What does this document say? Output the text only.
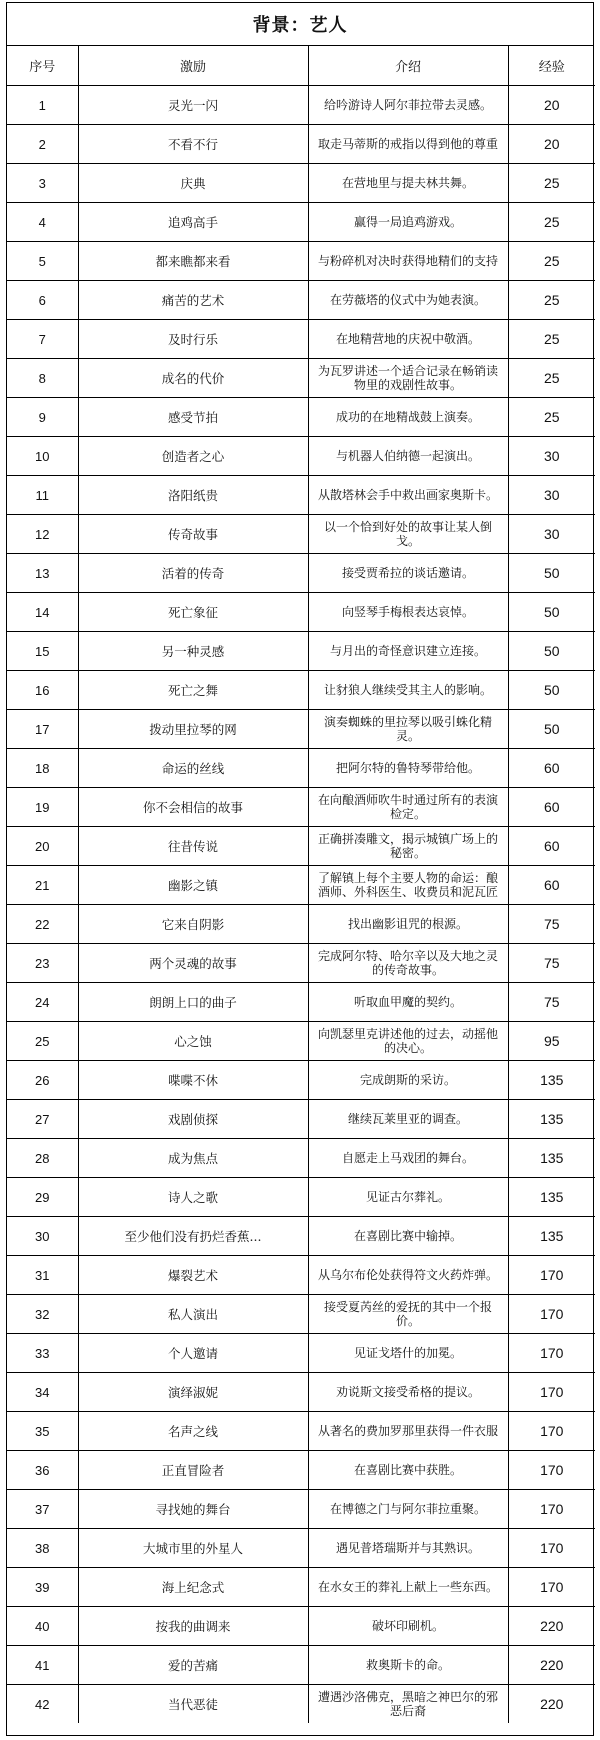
背景：艺人
序号	激励	介绍	经验
1	灵光一闪	给吟游诗人阿尔菲拉带去灵感。	20
2	不看不行	取走马蒂斯的戒指以得到他的尊重	20
3	庆典	在营地里与提夫林共舞。	25
4	追鸡高手	赢得一局追鸡游戏。	25
5	都来瞧都来看	与粉碎机对决时获得地精们的支持	25
6	痛苦的艺术	在劳薇塔的仪式中为她表演。	25
7	及时行乐	在地精营地的庆祝中敬酒。	25
8	成名的代价	为瓦罗讲述一个适合记录在畅销读物里的戏剧性故事。	25
9	感受节拍	成功的在地精战鼓上演奏。	25
10	创造者之心	与机器人伯纳德一起演出。	30
11	洛阳纸贵	从散塔林会手中救出画家奥斯卡。	30
12	传奇故事	以一个恰到好处的故事让某人倒戈。	30
13	活着的传奇	接受贾希拉的谈话邀请。	50
14	死亡象征	向竖琴手梅根表达哀悼。	50
15	另一种灵感	与月出的奇怪意识建立连接。	50
16	死亡之舞	让豺狼人继续受其主人的影响。	50
17	拨动里拉琴的网	演奏蜘蛛的里拉琴以吸引蛛化精灵。	50
18	命运的丝线	把阿尔特的鲁特琴带给他。	60
19	你不会相信的故事	在向酿酒师吹牛时通过所有的表演检定。	60
20	往昔传说	正确拼凑雕文，揭示城镇广场上的秘密。	60
21	幽影之镇	了解镇上每个主要人物的命运：酿酒师、外科医生、收费员和泥瓦匠	60
22	它来自阴影	找出幽影诅咒的根源。	75
23	两个灵魂的故事	完成阿尔特、哈尔辛以及大地之灵的传奇故事。	75
24	朗朗上口的曲子	听取血甲魔的契约。	75
25	心之蚀	向凯瑟里克讲述他的过去，动摇他的决心。	95
26	喋喋不休	完成朗斯的采访。	135
27	戏剧侦探	继续瓦莱里亚的调查。	135
28	成为焦点	自愿走上马戏团的舞台。	135
29	诗人之歌	见证古尔葬礼。	135
30	至少他们没有扔烂香蕉...	在喜剧比赛中输掉。	135
31	爆裂艺术	从乌尔布伦处获得符文火药炸弹。	170
32	私人演出	接受夏芮丝的爱抚的其中一个报价。	170
33	个人邀请	见证戈塔什的加冕。	170
34	演绎淑妮	劝说斯文接受希格的提议。	170
35	名声之线	从著名的费加罗那里获得一件衣服	170
36	正直冒险者	在喜剧比赛中获胜。	170
37	寻找她的舞台	在博德之门与阿尔菲拉重聚。	170
38	大城市里的外星人	遇见普塔瑞斯并与其熟识。	170
39	海上纪念式	在水女王的葬礼上献上一些东西。	170
40	按我的曲调来	破坏印刷机。	220
41	爱的苦痛	救奥斯卡的命。	220
42	当代恶徒	遭遇沙洛佛克，黑暗之神巴尔的邪恶后裔	220
